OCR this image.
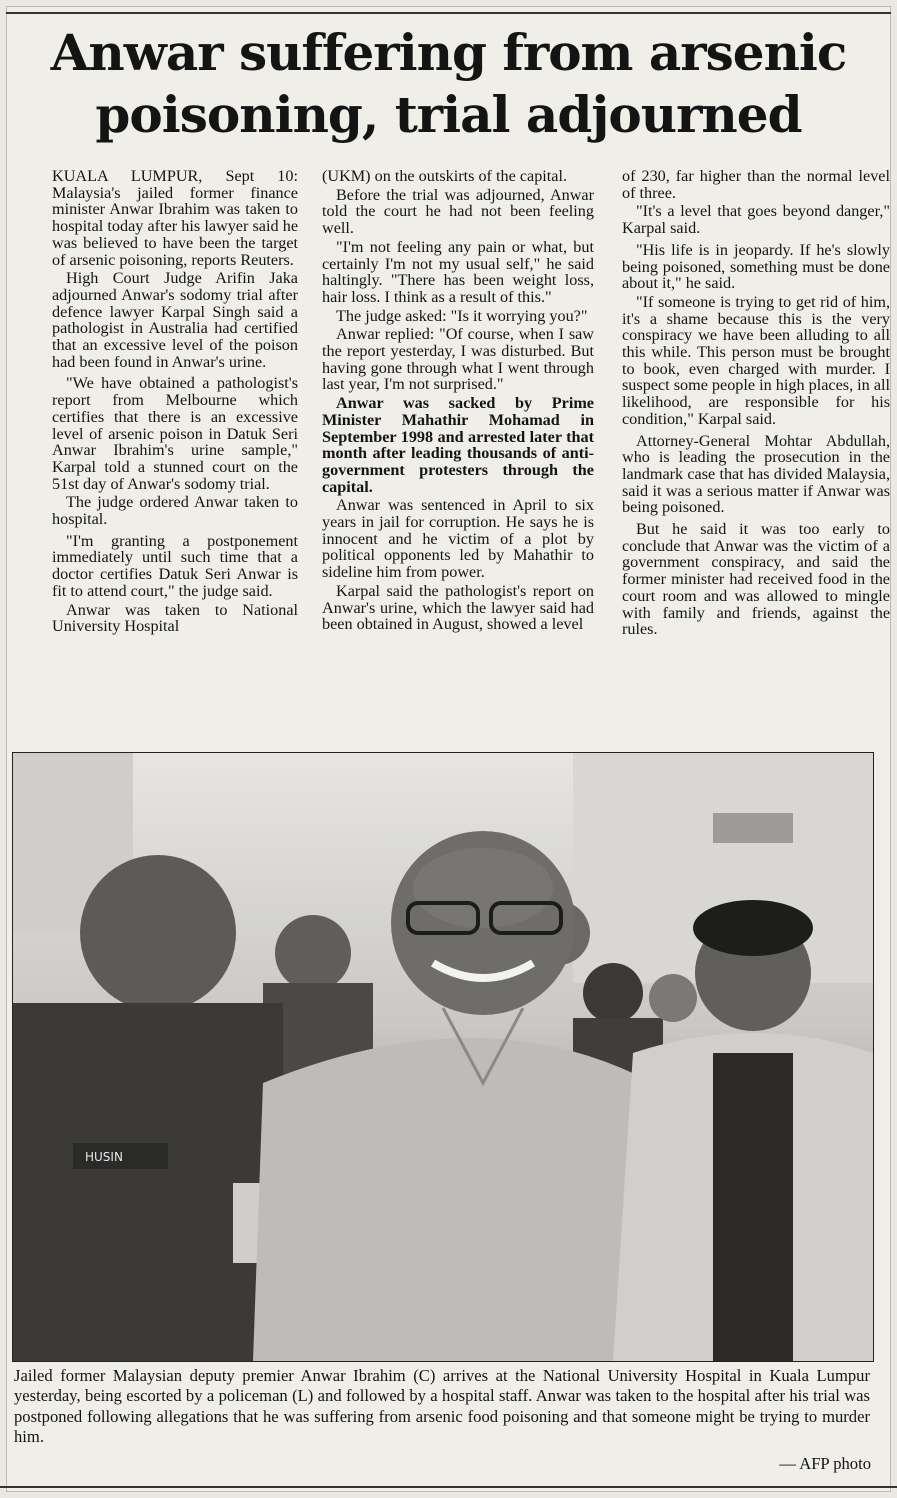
Anwar suffering from arsenic poisoning, trial adjourned

KUALA LUMPUR, Sept 10: Malaysia's jailed former finance minister Anwar Ibrahim was taken to hospital today after his lawyer said he was believed to have been the target of arsenic poisoning, reports Reuters.

High Court Judge Arifin Jaka adjourned Anwar's sodomy trial after defence lawyer Karpal Singh said a pathologist in Australia had certified that an excessive level of the poison had been found in Anwar's urine.

"We have obtained a pathologist's report from Melbourne which certifies that there is an excessive level of arsenic poison in Datuk Seri Anwar Ibrahim's urine sample," Karpal told a stunned court on the 51st day of Anwar's sodomy trial.

The judge ordered Anwar taken to hospital.

"I'm granting a postponement immediately until such time that a doctor certifies Datuk Seri Anwar is fit to attend court," the judge said.

Anwar was taken to National University Hospital

(UKM) on the outskirts of the capital.

Before the trial was adjourned, Anwar told the court he had not been feeling well.

"I'm not feeling any pain or what, but certainly I'm not my usual self," he said haltingly. "There has been weight loss, hair loss. I think as a result of this."

The judge asked: "Is it worrying you?"

Anwar replied: "Of course, when I saw the report yesterday, I was disturbed. But having gone through what I went through last year, I'm not surprised."

Anwar was sacked by Prime Minister Mahathir Mohamad in September 1998 and arrested later that month after leading thousands of anti-government protesters through the capital.

Anwar was sentenced in April to six years in jail for corruption. He says he is innocent and he victim of a plot by political opponents led by Mahathir to sideline him from power.

Karpal said the pathologist's report on Anwar's urine, which the lawyer said had been obtained in August, showed a level

of 230, far higher than the normal level of three.

"It's a level that goes beyond danger," Karpal said.

"His life is in jeopardy. If he's slowly being poisoned, something must be done about it," he said.

"If someone is trying to get rid of him, it's a shame because this is the very conspiracy we have been alluding to all this while. This person must be brought to book, even charged with murder. I suspect some people in high places, in all likelihood, are responsible for his condition," Karpal said.

Attorney-General Mohtar Abdullah, who is leading the prosecution in the landmark case that has divided Malaysia, said it was a serious matter if Anwar was being poisoned.

But he said it was too early to conclude that Anwar was the victim of a government conspiracy, and said the former minister had received food in the court room and was allowed to mingle with family and friends, against the rules.

HUSIN
Jailed former Malaysian deputy premier Anwar Ibrahim (C) arrives at the National University Hospital in Kuala Lumpur yesterday, being escorted by a policeman (L) and followed by a hospital staff. Anwar was taken to the hospital after his trial was postponed following allegations that he was suffering from arsenic food poisoning and that someone might be trying to murder him.
— AFP photo
